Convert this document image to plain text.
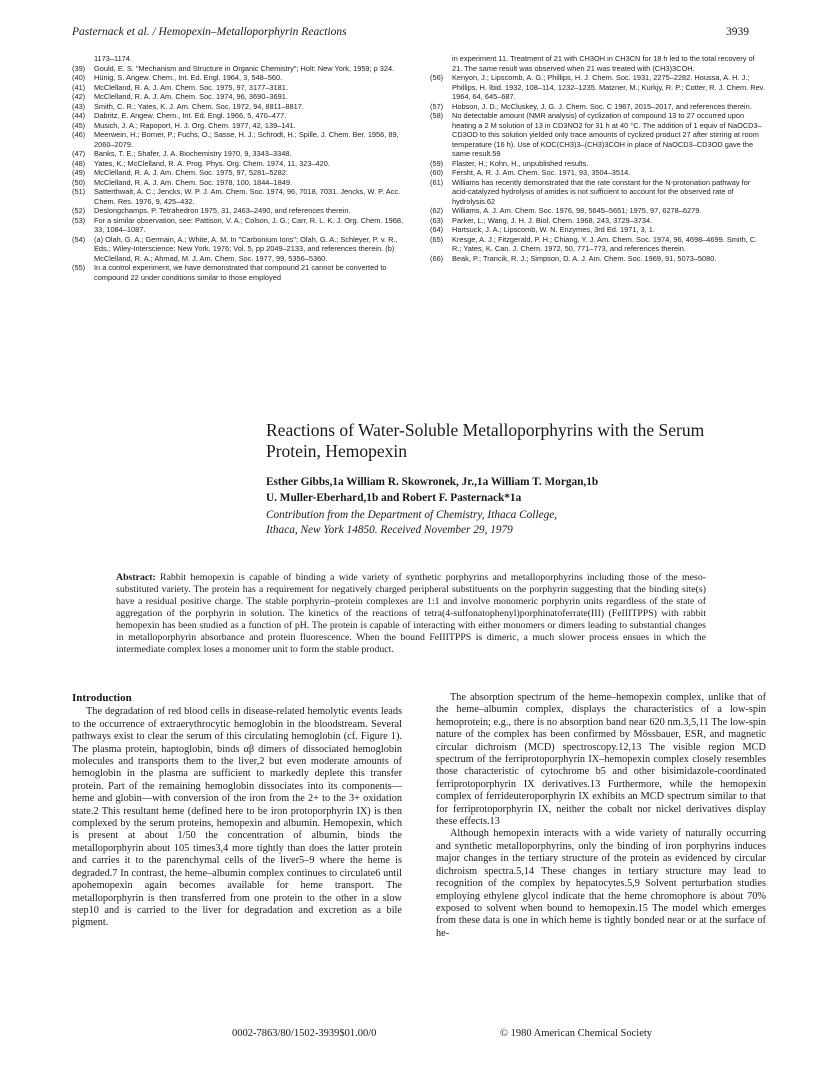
Pasternack et al. / Hemopexin–Metalloporphyrin Reactions	3939
1173–1174.
(39)	Gould, E. S. "Mechanism and Structure in Organic Chemistry"; Holt: New York, 1959; p 324.
(40)	Hünig, S. Angew. Chem., Int. Ed. Engl. 1964, 3, 548–560.
(41)	McClelland, R. A. J. Am. Chem. Soc. 1975, 97, 3177–3181.
(42)	McClelland, R. A. J. Am. Chem. Soc. 1974, 96, 3690–3691.
(43)	Smith, C. R.; Yates, K. J. Am. Chem. Soc. 1972, 94, 8811–8817.
(44)	Dabritz, E. Angew. Chem., Int. Ed. Engl. 1966, 5, 470–477.
(45)	Musich, J. A.; Rapoport, H. J. Org. Chem. 1977, 42, 139–141.
(46)	Meerwein, H.; Borner, P.; Fuchs, O.; Sasse, H. J.; Schrodt, H.; Spille, J. Chem. Ber. 1956, 89, 2060–2079.
(47)	Banks, T. E.; Shafer, J. A. Biochemistry 1970, 9, 3343–3348.
(48)	Yates, K.; McClelland, R. A. Prog. Phys. Org. Chem. 1974, 11, 323–420.
(49)	McClelland, R. A. J. Am. Chem. Soc. 1975, 97, 5281–5282.
(50)	McClelland, R. A. J. Am. Chem. Soc. 1978, 100, 1844–1849.
(51)	Satterthwait, A. C.; Jencks, W. P. J. Am. Chem. Soc. 1974, 96, 7018, 7031. Jencks, W. P. Acc. Chem. Res. 1976, 9, 425–432.
(52)	Deslongchamps, P. Tetrahedron 1975, 31, 2463–2490, and references therein.
(53)	For a similar observation, see: Pattison, V. A.; Colson, J. G.; Carr, R. L. K. J. Org. Chem. 1968, 33, 1084–1087.
(54)	(a) Olah, G. A.; Germain, A.; White, A. M. In "Carbonium Ions"; Olah, G. A.; Schleyer, P. v. R., Eds.; Wiley-Interscience: New York, 1976; Vol. 5, pp 2049–2133, and references therein. (b) McClelland, R. A.; Ahmad, M. J. Am. Chem. Soc. 1977, 99, 5356–5360.
(55)	In a control experiment, we have demonstrated that compound 21 cannot be converted to compound 22 under conditions similar to those employed
in experiment 11. Treatment of 21 with CH3OH in CH3CN for 18 h led to the total recovery of 21. The same result was observed when 21 was treated with (CH3)3COH.
(56)	Kenyon, J.; Lipscomb, A. G.; Phillips, H. J. Chem. Soc. 1931, 2275–2282. Houssa, A. H. J.; Phillips, H. Ibid. 1932, 108–114, 1232–1235. Matzner, M.; Kurkjy, R. P.; Cotter, R. J. Chem. Rev. 1964, 64, 645–687.
(57)	Hobson, J. D.; McCluskey, J. G. J. Chem. Soc. C 1967, 2015–2017, and references therein.
(58)	No detectable amount (NMR analysis) of cyclization of compound 13 to 27 occurred upon heating a 2 M solution of 13 in CD3NO2 for 31 h at 40 °C. The addition of 1 equiv of NaOCD3–CD3OD to this solution yielded only trace amounts of cyclized product 27 after stirring at room temperature (16 h). Use of KOC(CH3)3–(CH3)3COH in place of NaOCD3–CD3OD gave the same result.59
(59)	Flaster, H.; Kohn, H., unpublished results.
(60)	Fersht, A. R. J. Am. Chem. Soc. 1971, 93, 3504–3514.
(61)	Williams has recently demonstrated that the rate constant for the N-protonation pathway for acid-catalyzed hydrolysis of amides is not sufficient to account for the observed rate of hydrolysis.62
(62)	Williams, A. J. Am. Chem. Soc. 1976, 98, 5645–5651; 1975, 97, 6278–6279.
(63)	Parker, L.; Wang, J. H. J. Biol. Chem. 1968, 243, 3729–3734.
(64)	Hartsuck, J. A.; Lipscomb, W. N. Enzymes, 3rd Ed. 1971, 3, 1.
(65)	Kresge, A. J.; Fitzgerald, P. H.; Chiang, Y. J. Am. Chem. Soc. 1974, 96, 4698–4699. Smith, C. R.; Yates, K. Can. J. Chem. 1972, 50, 771–773, and references therein.
(66)	Beak, P.; Trancik, R. J.; Simpson, D. A. J. Am. Chem. Soc. 1969, 91, 5073–5080.
Reactions of Water-Soluble Metalloporphyrins with the Serum Protein, Hemopexin
Esther Gibbs,1a William R. Skowronek, Jr.,1a William T. Morgan,1b
U. Muller-Eberhard,1b and Robert F. Pasternack*1a
Contribution from the Department of Chemistry, Ithaca College,
Ithaca, New York 14850. Received November 29, 1979
Abstract: Rabbit hemopexin is capable of binding a wide variety of synthetic porphyrins and metalloporphyrins including those of the meso-substituted variety. The protein has a requirement for negatively charged peripheral substituents on the porphyrin suggesting that the binding site(s) have a residual positive charge. The stable porphyrin–protein complexes are 1:1 and involve monomeric porphyrin units regardless of the state of aggregation of the porphyrin in solution. The kinetics of the reactions of tetra(4-sulfonatophenyl)porphinatoferrate(III) (FeIIITPPS) with rabbit hemopexin has been studied as a function of pH. The protein is capable of interacting with either monomers or dimers leading to substantial changes in metalloporphyrin absorbance and protein fluorescence. When the bound FeIIITPPS is dimeric, a much slower process ensues in which the intermediate complex loses a monomer unit to form the stable product.
Introduction

The degradation of red blood cells in disease-related hemolytic events leads to the occurrence of extraerythrocytic hemoglobin in the bloodstream. Several pathways exist to clear the serum of this circulating hemoglobin (cf. Figure 1). The plasma protein, haptoglobin, binds αβ dimers of dissociated hemoglobin molecules and transports them to the liver,2 but even moderate amounts of hemoglobin in the plasma are sufficient to markedly deplete this transfer protein. Part of the remaining hemoglobin dissociates into its components—heme and globin—with conversion of the iron from the 2+ to the 3+ oxidation state.2 This resultant heme (defined here to be iron protoporphyrin IX) is then complexed by the serum proteins, hemopexin and albumin. Hemopexin, which is present at about 1/50 the concentration of albumin, binds the metalloporphyrin about 105 times3,4 more tightly than does the latter protein and carries it to the parenchymal cells of the liver5–9 where the heme is degraded.7 In contrast, the heme–albumin complex continues to circulate6 until apohemopexin again becomes available for heme transport. The metalloporphyrin is then transferred from one protein to the other in a slow step10 and is carried to the liver for degradation and excretion as a bile pigment.

The absorption spectrum of the heme–hemopexin complex, unlike that of the heme–albumin complex, displays the characteristics of a low-spin hemoprotein; e.g., there is no absorption band near 620 nm.3,5,11 The low-spin nature of the complex has been confirmed by Mössbauer, ESR, and magnetic circular dichroism (MCD) spectroscopy.12,13 The visible region MCD spectrum of the ferriprotoporphyrin IX–hemopexin complex closely resembles those characteristic of cytochrome b5 and other bisimidazole-coordinated ferriprotoporphyrin IX derivatives.13 Furthermore, while the hemopexin complex of ferrideuteroporphyrin IX exhibits an MCD spectrum similar to that for ferriprotoporphyrin IX, neither the cobalt nor nickel derivatives display these effects.13

Although hemopexin interacts with a wide variety of naturally occurring and synthetic metalloporphyrins, only the binding of iron porphyrins induces major changes in the tertiary structure of the protein as evidenced by circular dichroism spectra.5,14 These changes in tertiary structure may lead to recognition of the complex by hepatocytes.5,9 Solvent perturbation studies employing ethylene glycol indicate that the heme chromophore is about 70% exposed to solvent when bound to hemopexin.15 The model which emerges from these data is one in which heme is tightly bonded near or at the surface of he-

0002-7863/80/1502-3939$01.00/0	© 1980 American Chemical Society
